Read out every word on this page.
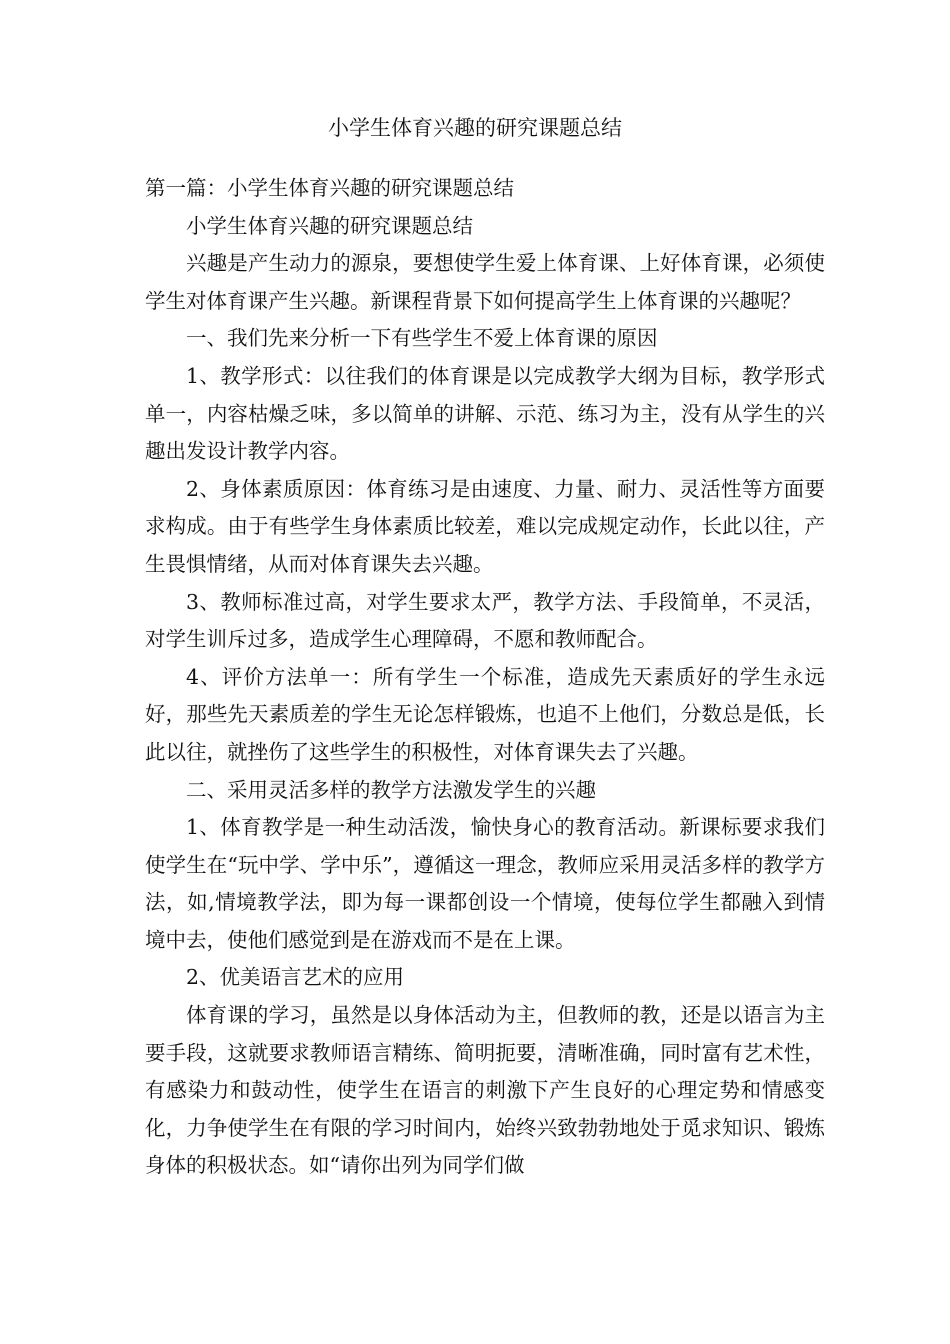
小学生体育兴趣的研究课题总结

第一篇：小学生体育兴趣的研究课题总结

小学生体育兴趣的研究课题总结

兴趣是产生动力的源泉，要想使学生爱上体育课、上好体育课，必须使学生对体育课产生兴趣。新课程背景下如何提高学生上体育课的兴趣呢？

一、我们先来分析一下有些学生不爱上体育课的原因

1、教学形式：以往我们的体育课是以完成教学大纲为目标，教学形式单一，内容枯燥乏味，多以简单的讲解、示范、练习为主，没有从学生的兴趣出发设计教学内容。

2、身体素质原因：体育练习是由速度、力量、耐力、灵活性等方面要求构成。由于有些学生身体素质比较差，难以完成规定动作，长此以往，产生畏惧情绪，从而对体育课失去兴趣。

3、教师标准过高，对学生要求太严，教学方法、手段简单，不灵活，对学生训斥过多，造成学生心理障碍，不愿和教师配合。

4、评价方法单一：所有学生一个标准，造成先天素质好的学生永远好，那些先天素质差的学生无论怎样锻炼，也追不上他们，分数总是低，长此以往，就挫伤了这些学生的积极性，对体育课失去了兴趣。

二、采用灵活多样的教学方法激发学生的兴趣

1、体育教学是一种生动活泼，愉快身心的教育活动。新课标要求我们使学生在“玩中学、学中乐”，遵循这一理念，教师应采用灵活多样的教学方法，如,情境教学法，即为每一课都创设一个情境，使每位学生都融入到情境中去，使他们感觉到是在游戏而不是在上课。

2、优美语言艺术的应用

体育课的学习，虽然是以身体活动为主，但教师的教，还是以语言为主要手段，这就要求教师语言精练、简明扼要，清晰准确，同时富有艺术性，有感染力和鼓动性，使学生在语言的刺激下产生良好的心理定势和情感变化，力争使学生在有限的学习时间内，始终兴致勃勃地处于觅求知识、锻炼身体的积极状态。如“请你出列为同学们做
